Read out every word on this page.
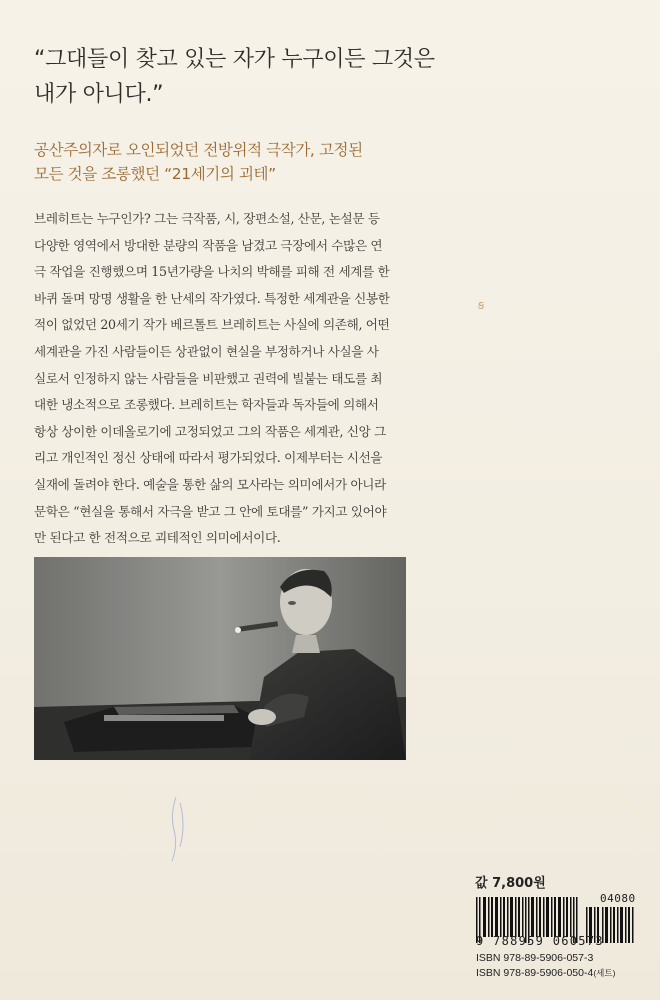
“그대들이 찾고 있는 자가 누구이든 그것은
내가 아니다.”
공산주의자로 오인되었던 전방위적 극작가, 고정된
모든 것을 조롱했던 “21세기의 괴테”
브레히트는 누구인가? 그는 극작품, 시, 장편소설, 산문, 논설문 등
다양한 영역에서 방대한 분량의 작품을 남겼고 극장에서 수많은 연
극 작업을 진행했으며 15년가량을 나치의 박해를 피해 전 세계를 한
바퀴 돌며 망명 생활을 한 난세의 작가였다. 특정한 세계관을 신봉한
적이 없었던 20세기 작가 베르톨트 브레히트는 사실에 의존해, 어떤
세계관을 가진 사람들이든 상관없이 현실을 부정하거나 사실을 사
실로서 인정하지 않는 사람들을 비판했고 권력에 빌붙는 태도를 최
대한 냉소적으로 조롱했다. 브레히트는 학자들과 독자들에 의해서
항상 상이한 이데올로기에 고정되었고 그의 작품은 세계관, 신앙 그
리고 개인적인 정신 상태에 따라서 평가되었다. 이제부터는 시선을
실재에 돌려야 한다. 예술을 통한 삶의 모사라는 의미에서가 아니라
문학은 “현실을 통해서 자극을 받고 그 안에 토대를” 가지고 있어야
만 된다고 한 전적으로 괴테적인 의미에서이다.
ꞩ
값 7,800원
04080
9 788959 060573
ISBN 978-89-5906-057-3
ISBN 978-89-5906-050-4(세트)
